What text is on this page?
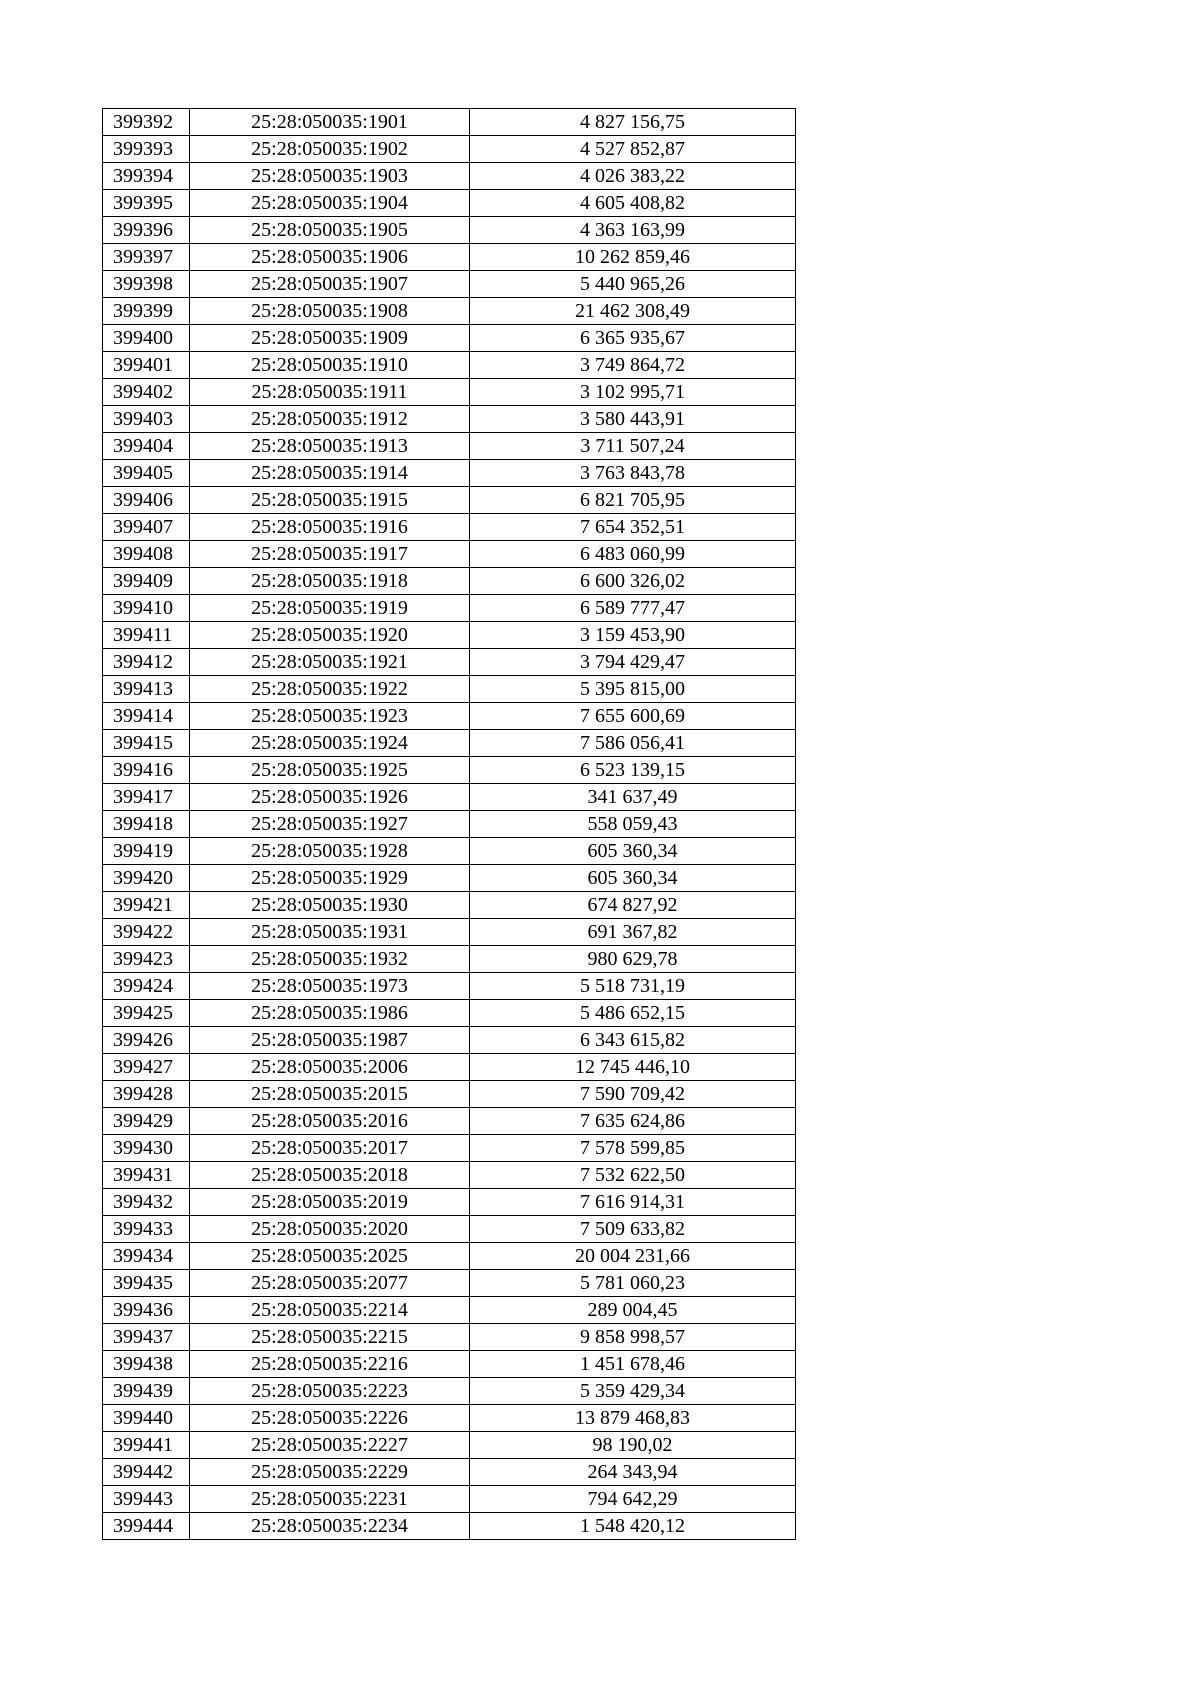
399392	25:28:050035:1901	4 827 156,75
399393	25:28:050035:1902	4 527 852,87
399394	25:28:050035:1903	4 026 383,22
399395	25:28:050035:1904	4 605 408,82
399396	25:28:050035:1905	4 363 163,99
399397	25:28:050035:1906	10 262 859,46
399398	25:28:050035:1907	5 440 965,26
399399	25:28:050035:1908	21 462 308,49
399400	25:28:050035:1909	6 365 935,67
399401	25:28:050035:1910	3 749 864,72
399402	25:28:050035:1911	3 102 995,71
399403	25:28:050035:1912	3 580 443,91
399404	25:28:050035:1913	3 711 507,24
399405	25:28:050035:1914	3 763 843,78
399406	25:28:050035:1915	6 821 705,95
399407	25:28:050035:1916	7 654 352,51
399408	25:28:050035:1917	6 483 060,99
399409	25:28:050035:1918	6 600 326,02
399410	25:28:050035:1919	6 589 777,47
399411	25:28:050035:1920	3 159 453,90
399412	25:28:050035:1921	3 794 429,47
399413	25:28:050035:1922	5 395 815,00
399414	25:28:050035:1923	7 655 600,69
399415	25:28:050035:1924	7 586 056,41
399416	25:28:050035:1925	6 523 139,15
399417	25:28:050035:1926	341 637,49
399418	25:28:050035:1927	558 059,43
399419	25:28:050035:1928	605 360,34
399420	25:28:050035:1929	605 360,34
399421	25:28:050035:1930	674 827,92
399422	25:28:050035:1931	691 367,82
399423	25:28:050035:1932	980 629,78
399424	25:28:050035:1973	5 518 731,19
399425	25:28:050035:1986	5 486 652,15
399426	25:28:050035:1987	6 343 615,82
399427	25:28:050035:2006	12 745 446,10
399428	25:28:050035:2015	7 590 709,42
399429	25:28:050035:2016	7 635 624,86
399430	25:28:050035:2017	7 578 599,85
399431	25:28:050035:2018	7 532 622,50
399432	25:28:050035:2019	7 616 914,31
399433	25:28:050035:2020	7 509 633,82
399434	25:28:050035:2025	20 004 231,66
399435	25:28:050035:2077	5 781 060,23
399436	25:28:050035:2214	289 004,45
399437	25:28:050035:2215	9 858 998,57
399438	25:28:050035:2216	1 451 678,46
399439	25:28:050035:2223	5 359 429,34
399440	25:28:050035:2226	13 879 468,83
399441	25:28:050035:2227	98 190,02
399442	25:28:050035:2229	264 343,94
399443	25:28:050035:2231	794 642,29
399444	25:28:050035:2234	1 548 420,12
